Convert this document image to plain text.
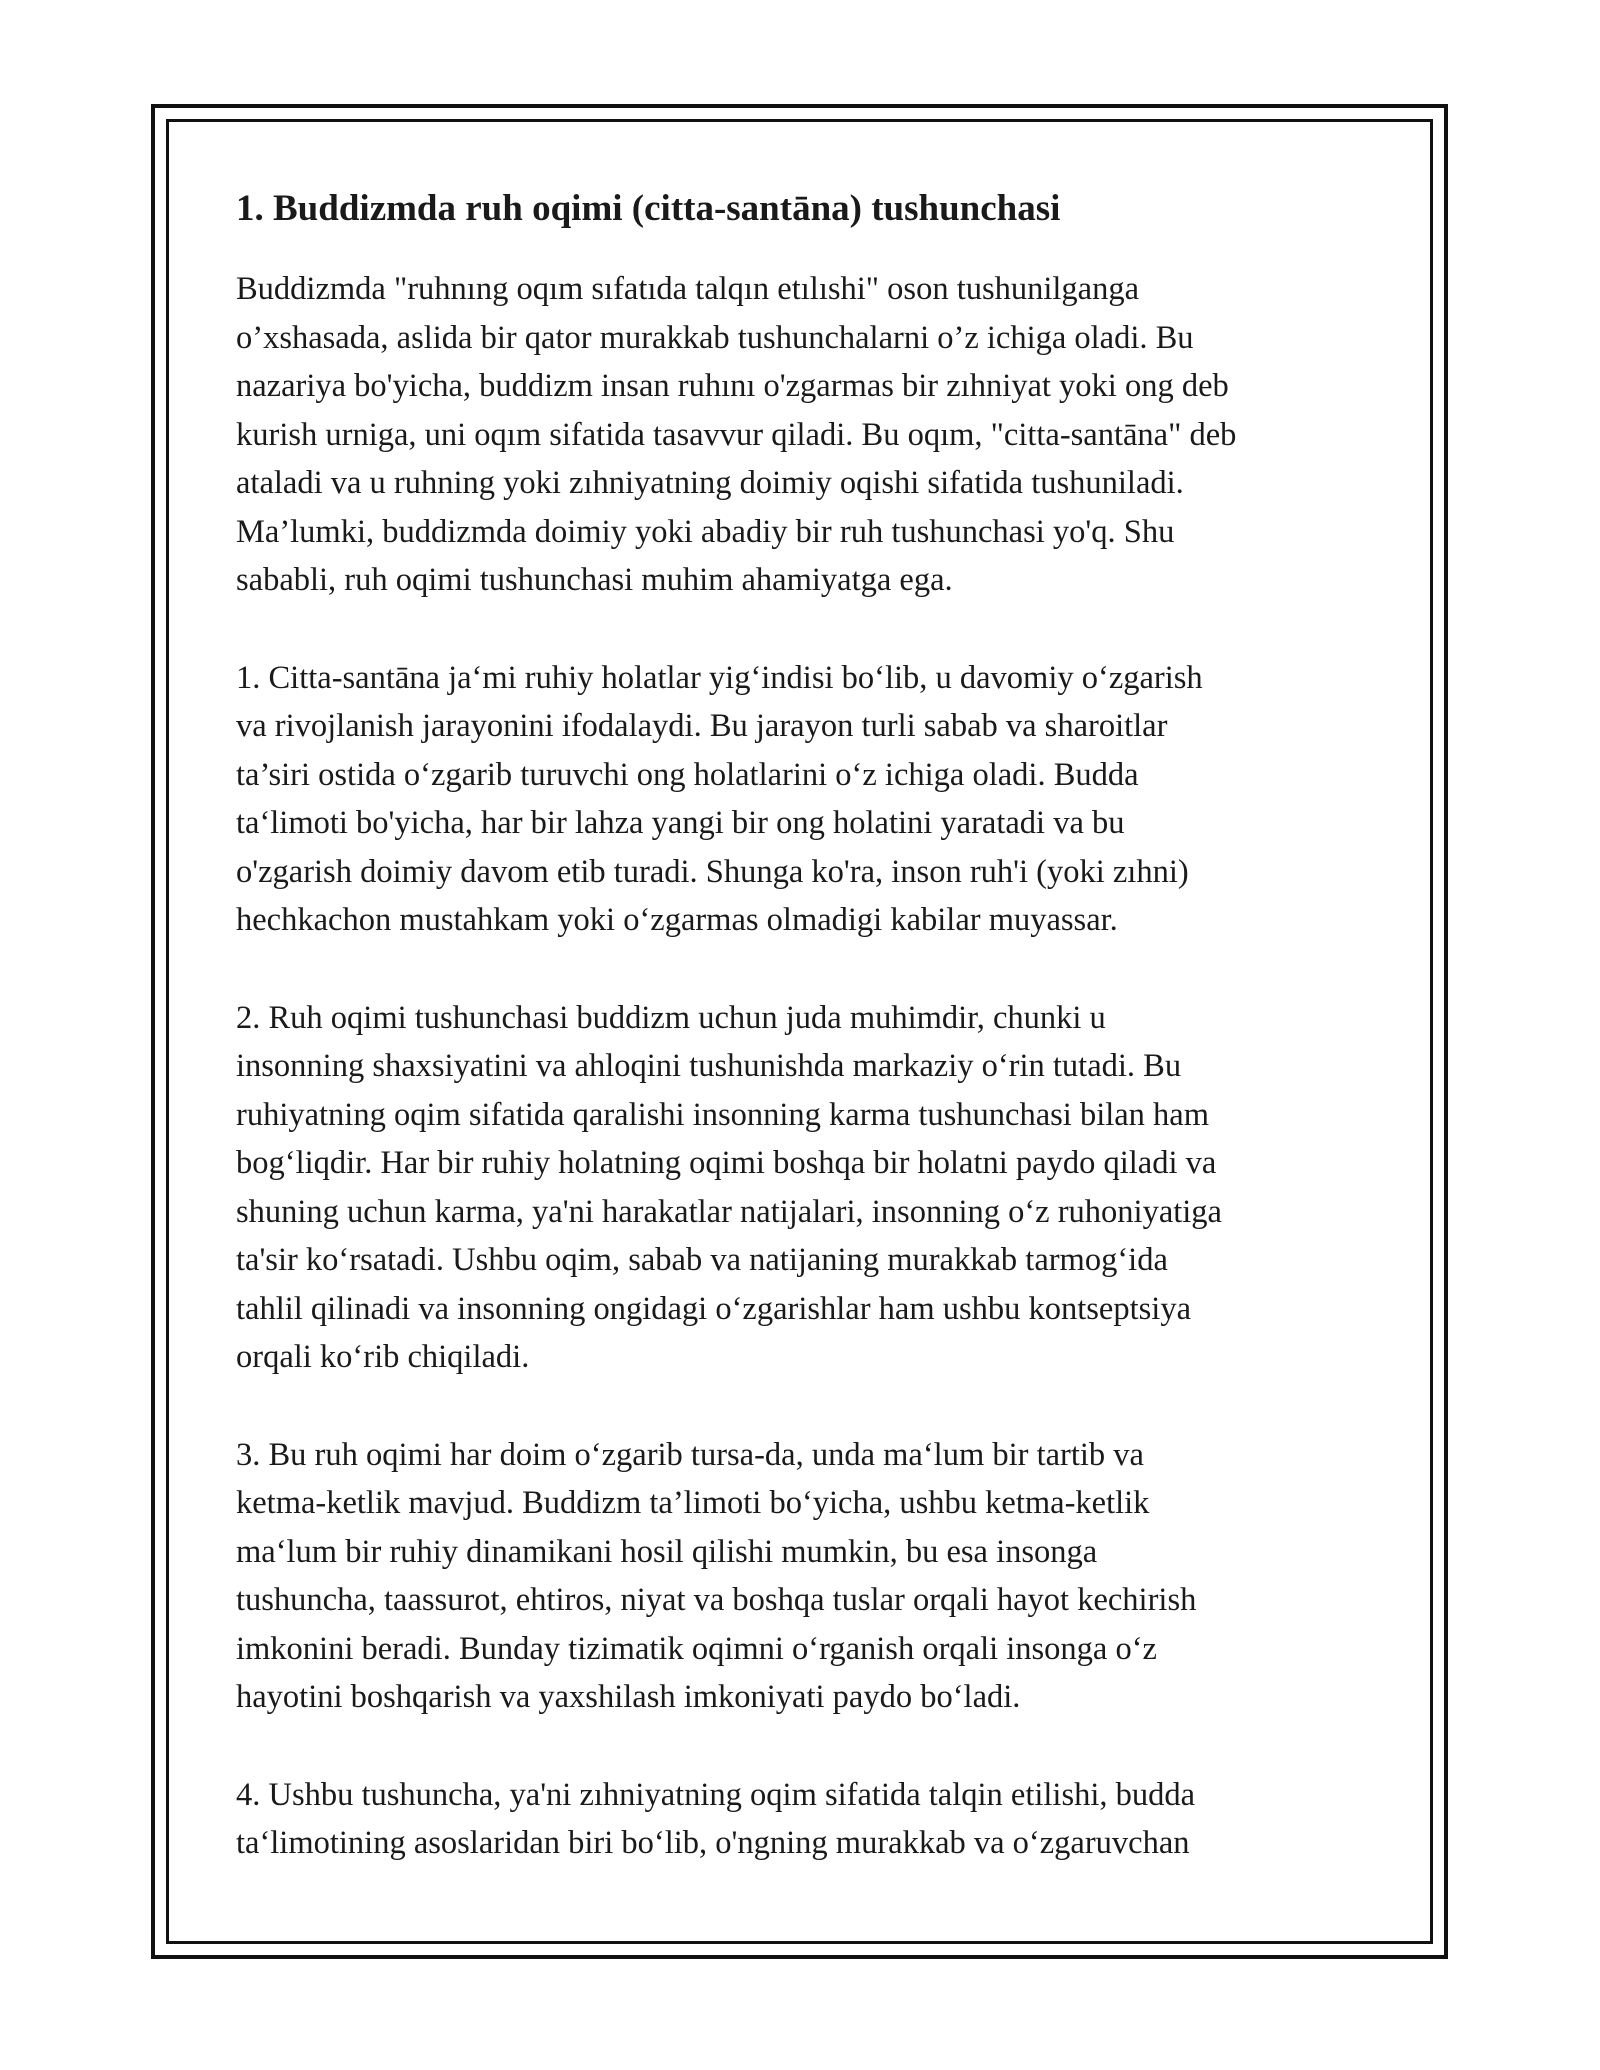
1. Buddizmda ruh oqimi (citta-santāna) tushunchasi

Buddizmda "ruhnıng oqım sıfatıda talqın etılıshi" oson tushunilganga
o’xshasada, aslida bir qator murakkab tushunchalarni o’z ichiga oladi. Bu
nazariya bo'yicha, buddizm insan ruhını o'zgarmas bir zıhniyat yoki ong deb
kurish urniga, uni oqım sifatida tasavvur qiladi. Bu oqım, "citta-santāna" deb
ataladi va u ruhning yoki zıhniyatning doimiy oqishi sifatida tushuniladi.
Ma’lumki, buddizmda doimiy yoki abadiy bir ruh tushunchasi yo'q. Shu
sababli, ruh oqimi tushunchasi muhim ahamiyatga ega.

1. Citta-santāna ja‘mi ruhiy holatlar yig‘indisi bo‘lib, u davomiy o‘zgarish
va rivojlanish jarayonini ifodalaydi. Bu jarayon turli sabab va sharoitlar
ta’siri ostida o‘zgarib turuvchi ong holatlarini o‘z ichiga oladi. Budda
ta‘limoti bo'yicha, har bir lahza yangi bir ong holatini yaratadi va bu
o'zgarish doimiy davom etib turadi. Shunga ko'ra, inson ruh'i (yoki zıhni)
hechkachon mustahkam yoki o‘zgarmas olmadigi kabilar muyassar.

2. Ruh oqimi tushunchasi buddizm uchun juda muhimdir, chunki u
insonning shaxsiyatini va ahloqini tushunishda markaziy o‘rin tutadi. Bu
ruhiyatning oqim sifatida qaralishi insonning karma tushunchasi bilan ham
bog‘liqdir. Har bir ruhiy holatning oqimi boshqa bir holatni paydo qiladi va
shuning uchun karma, ya'ni harakatlar natijalari, insonning o‘z ruhoniyatiga
ta'sir ko‘rsatadi. Ushbu oqim, sabab va natijaning murakkab tarmog‘ida
tahlil qilinadi va insonning ongidagi o‘zgarishlar ham ushbu kontseptsiya
orqali ko‘rib chiqiladi.

3. Bu ruh oqimi har doim o‘zgarib tursa-da, unda ma‘lum bir tartib va
ketma-ketlik mavjud. Buddizm ta’limoti bo‘yicha, ushbu ketma-ketlik
ma‘lum bir ruhiy dinamikani hosil qilishi mumkin, bu esa insonga
tushuncha, taassurot, ehtiros, niyat va boshqa tuslar orqali hayot kechirish
imkonini beradi. Bunday tizimatik oqimni o‘rganish orqali insonga o‘z
hayotini boshqarish va yaxshilash imkoniyati paydo bo‘ladi.

4. Ushbu tushuncha, ya'ni zıhniyatning oqim sifatida talqin etilishi, budda
ta‘limotining asoslaridan biri bo‘lib, o'ngning murakkab va o‘zgaruvchan
